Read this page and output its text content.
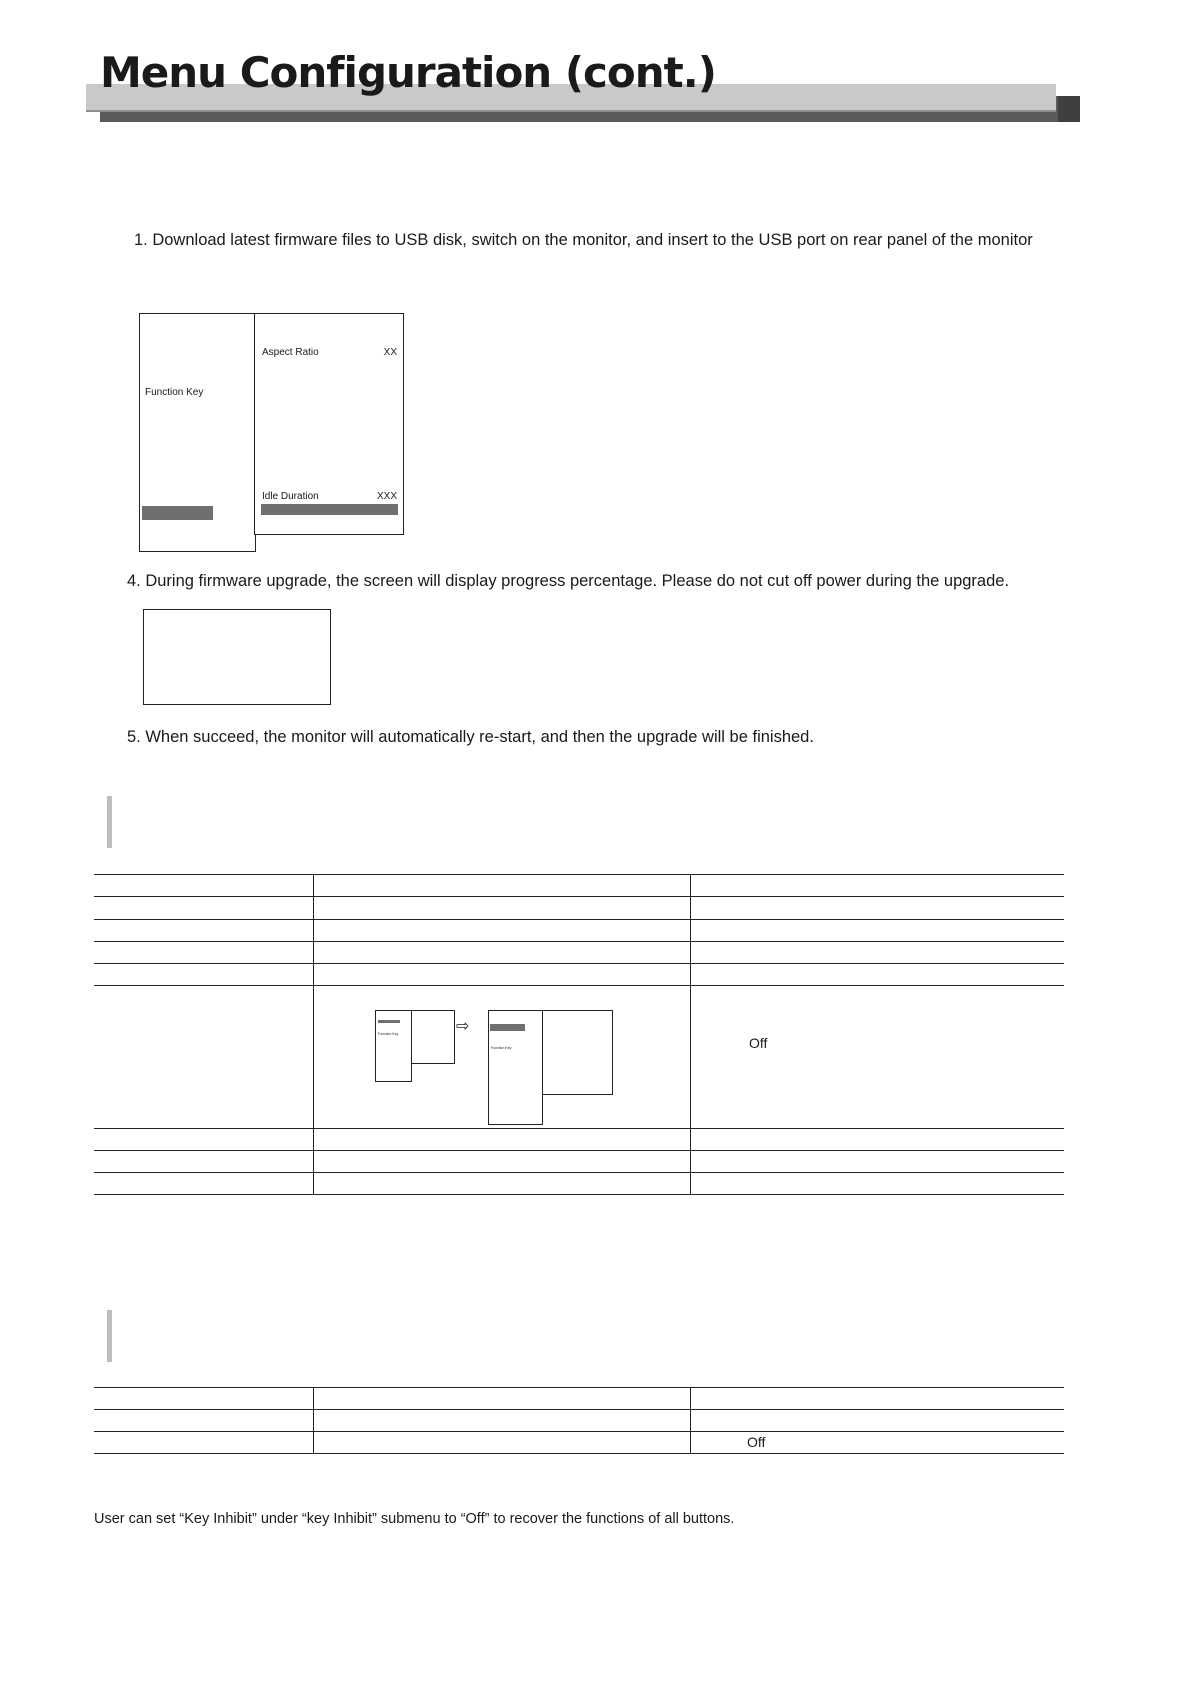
Menu Configuration (cont.)
1. Download latest firmware files to USB disk, switch on the monitor, and insert to the USB port on rear panel of the monitor
Function Key
Aspect Ratio	XX
Idle Duration	XXX
4. During firmware upgrade, the screen will display progress percentage. Please do not cut off power during the upgrade.
5. When succeed, the monitor will automatically re-start, and then the upgrade will be finished.
Function Key	⇨
Function Key	Off
Off
User can set “Key Inhibit” under “key Inhibit” submenu to “Off” to recover the functions of all buttons.
